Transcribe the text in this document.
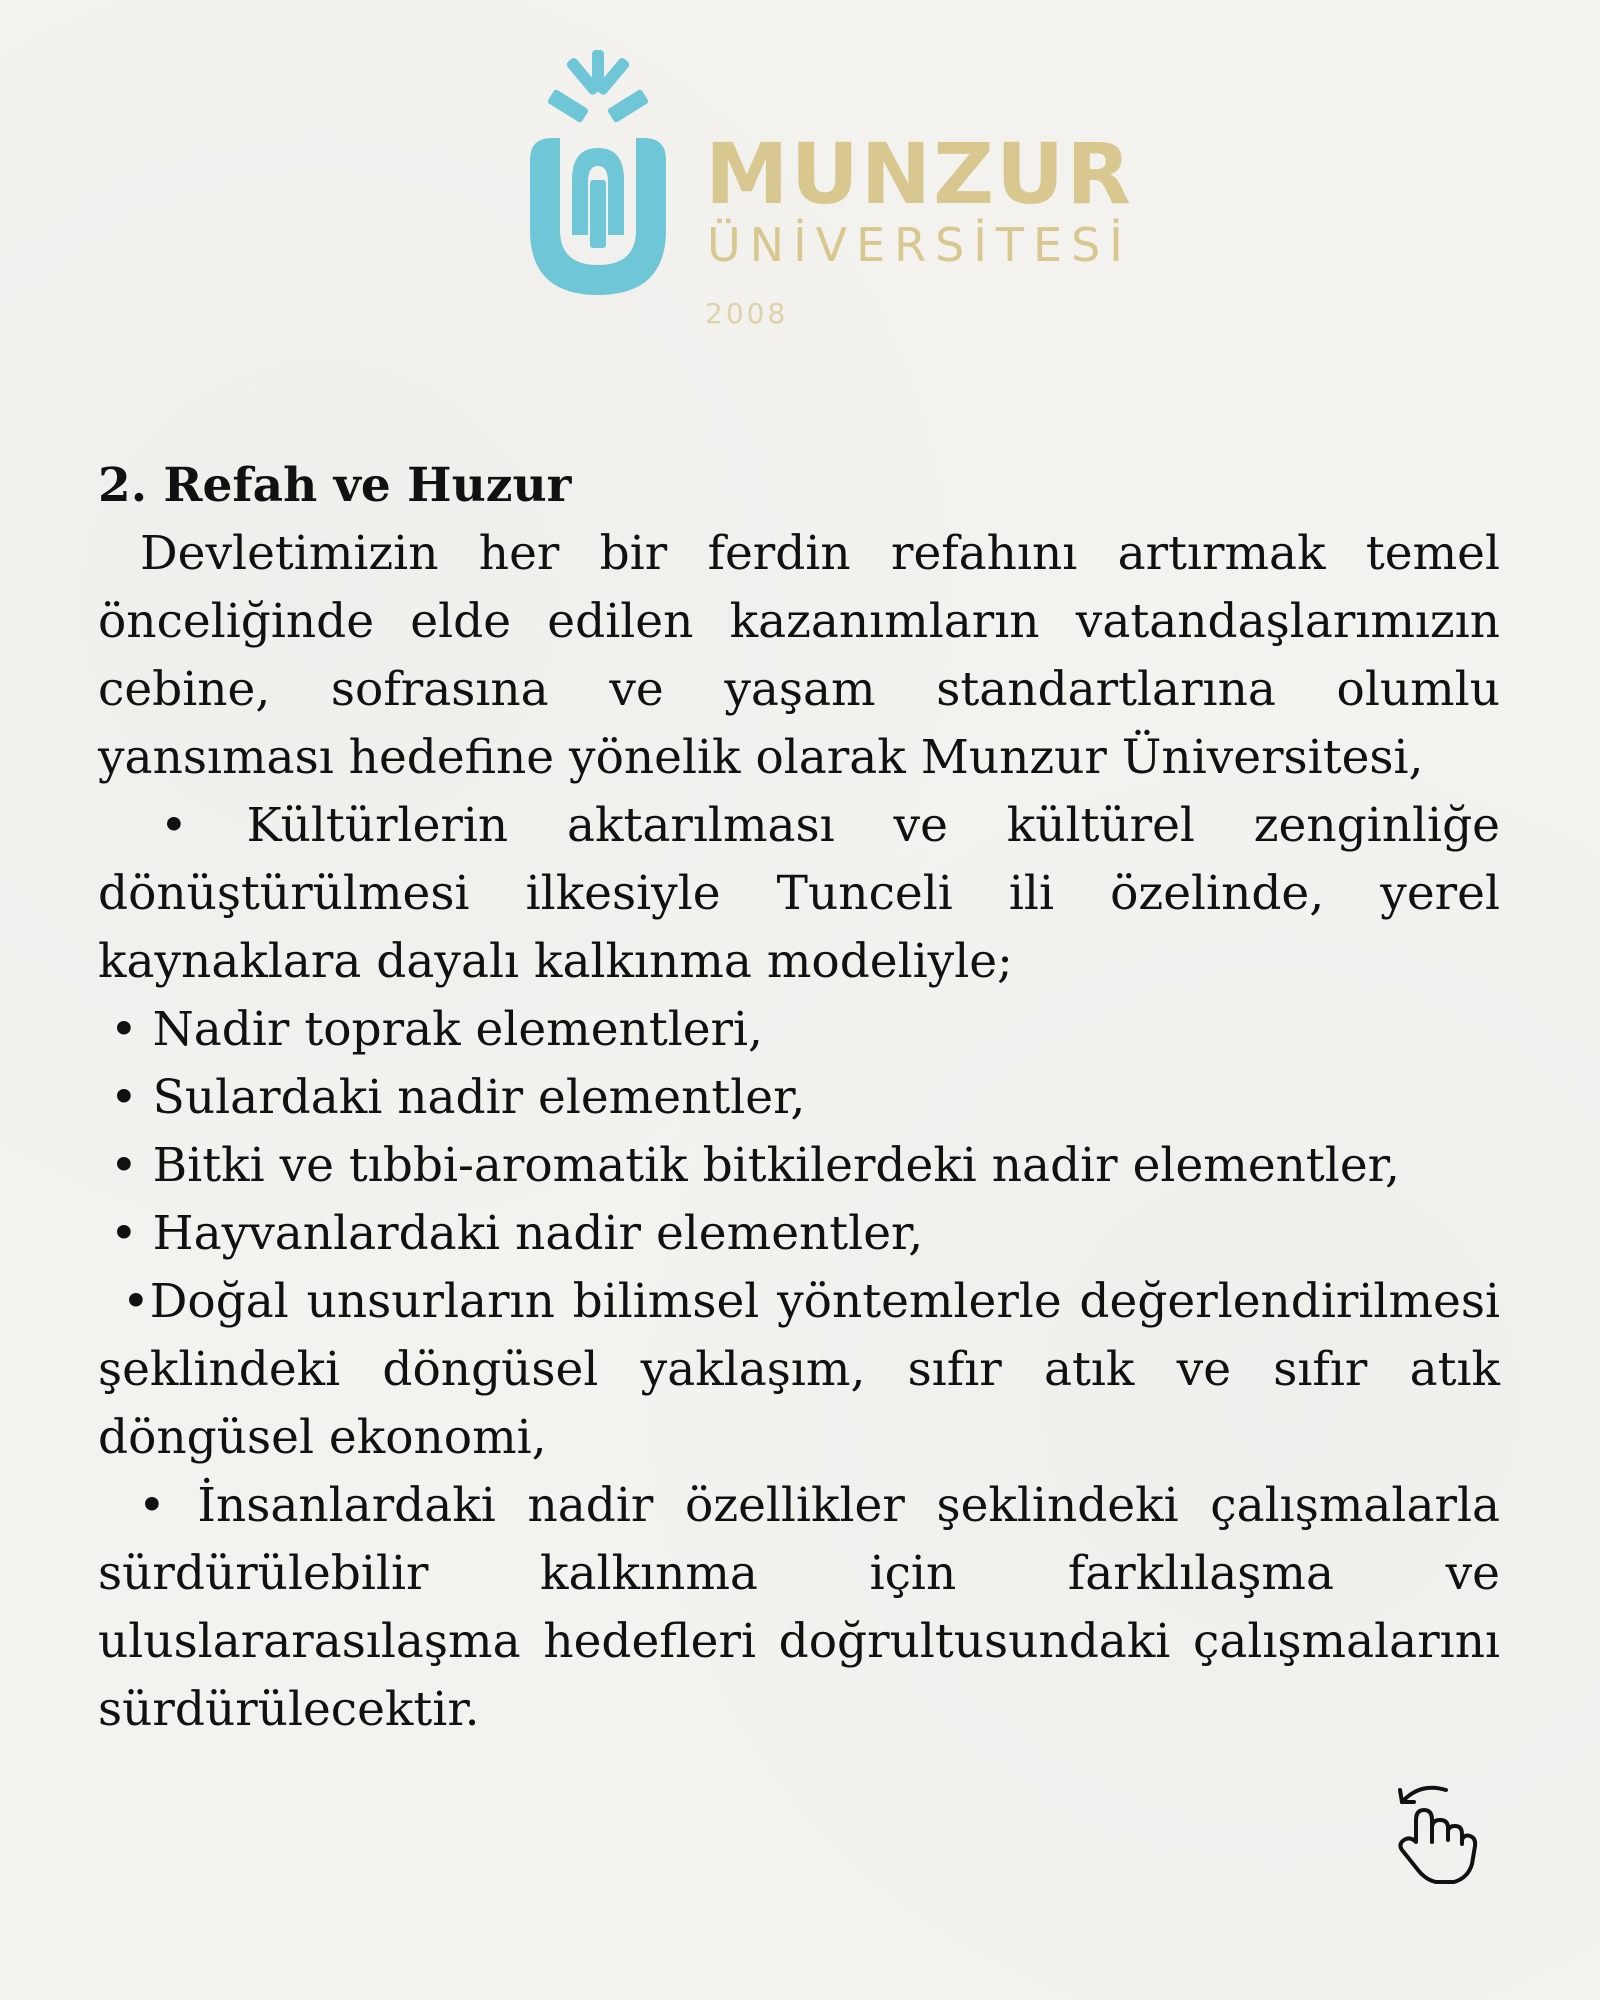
MUNZUR
ÜNİVERSİTESİ
2008

2. Refah ve Huzur

Devletimizin her bir ferdin refahını artırmak temel önceliğinde elde edilen kazanımların vatandaşlarımızın cebine, sofrasına ve yaşam standartlarına olumlu yansıması hedefine yönelik olarak Munzur Üniversitesi,

• Kültürlerin aktarılması ve kültürel zenginliğe dönüştürülmesi ilkesiyle Tunceli ili özelinde, yerel kaynaklara dayalı kalkınma modeliyle;

• Nadir toprak elementleri,

• Sulardaki nadir elementler,

• Bitki ve tıbbi-aromatik bitkilerdeki nadir elementler,

• Hayvanlardaki nadir elementler,

•Doğal unsurların bilimsel yöntemlerle değerlendirilmesi şeklindeki döngüsel yaklaşım, sıfır atık ve sıfır atık döngüsel ekonomi,

• İnsanlardaki nadir özellikler şeklindeki çalışmalarla sürdürülebilir kalkınma için farklılaşma ve uluslararasılaşma hedefleri doğrultusundaki çalışmalarını sürdürülecektir.
